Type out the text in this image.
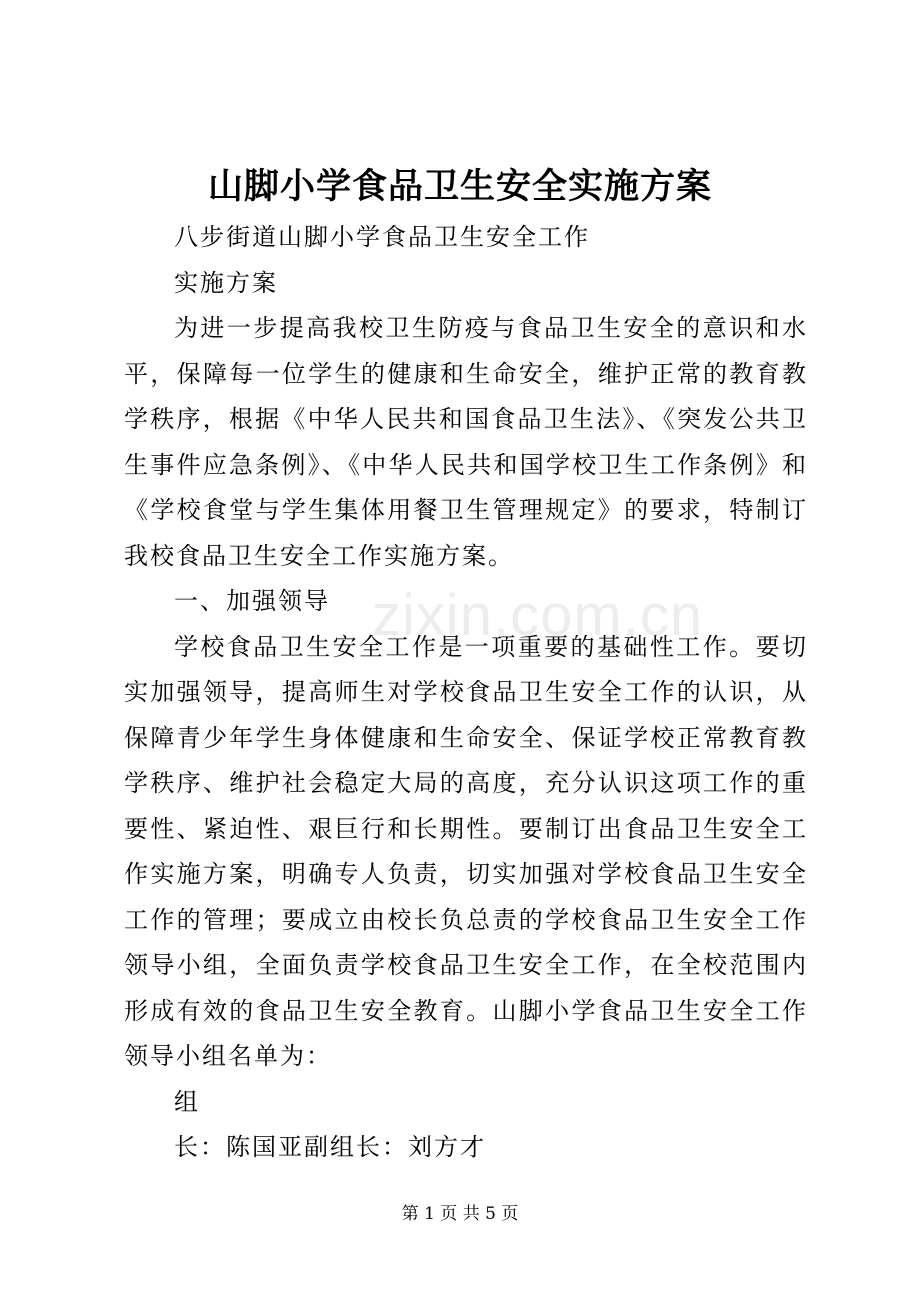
山脚小学食品卫生安全实施方案

八步街道山脚小学食品卫生安全工作

实施方案

为进一步提高我校卫生防疫与食品卫生安全的意识和水平，保障每一位学生的健康和生命安全，维护正常的教育教学秩序，根据《中华人民共和国食品卫生法》、《突发公共卫生事件应急条例》、《中华人民共和国学校卫生工作条例》和《学校食堂与学生集体用餐卫生管理规定》的要求，特制订我校食品卫生安全工作实施方案。

一、加强领导

学校食品卫生安全工作是一项重要的基础性工作。要切实加强领导，提高师生对学校食品卫生安全工作的认识，从保障青少年学生身体健康和生命安全、保证学校正常教育教学秩序、维护社会稳定大局的高度，充分认识这项工作的重要性、紧迫性、艰巨行和长期性。要制订出食品卫生安全工作实施方案，明确专人负责，切实加强对学校食品卫生安全工作的管理；要成立由校长负总责的学校食品卫生安全工作领导小组，全面负责学校食品卫生安全工作，在全校范围内形成有效的食品卫生安全教育。山脚小学食品卫生安全工作领导小组名单为：

组

长：陈国亚副组长：刘方才

zixin.com.cn
第 1 页 共 5 页
